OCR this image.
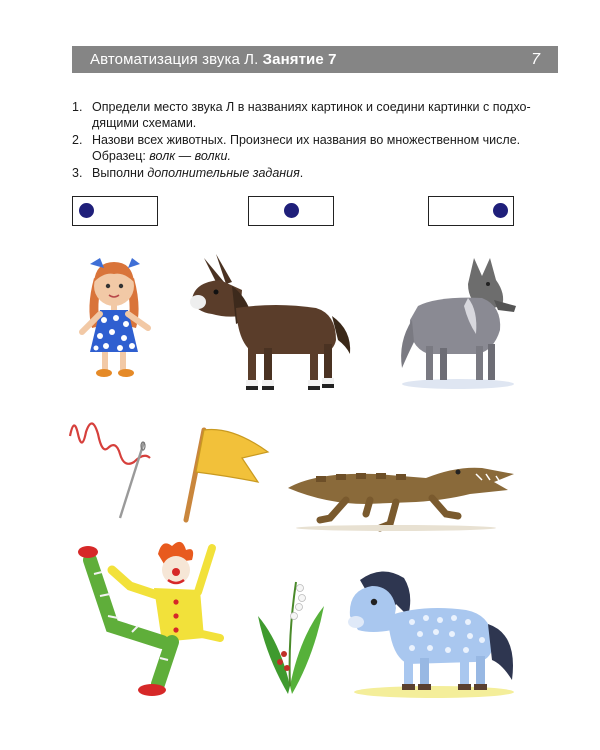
Автоматизация звука Л. Занятие 7	7
1. Определи место звука Л в названиях картинок и соедини картинки с подхо-дящими схемами.
2. Назови всех животных. Произнеси их названия во множественном числе. Образец: волк — волки.
3. Выполни дополнительные задания.
